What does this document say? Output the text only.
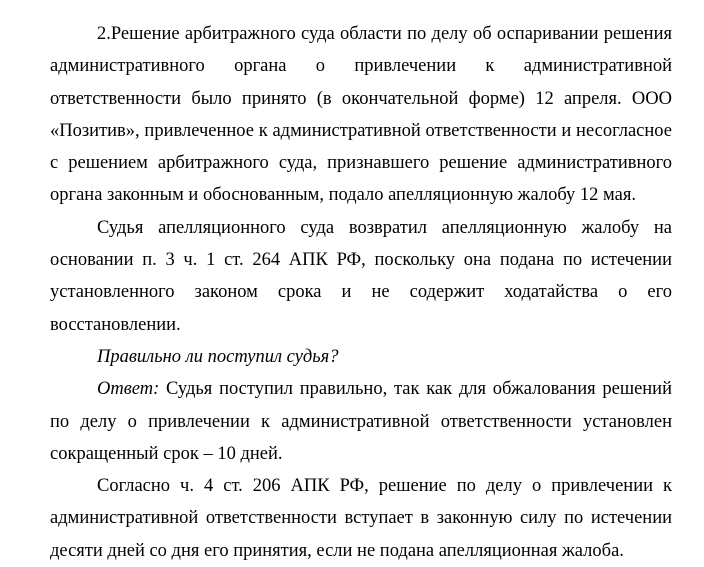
2.Решение арбитражного суда области по делу об оспаривании решения административного органа о привлечении к административной ответственности было принято (в окончательной форме) 12 апреля. ООО «Позитив», привлеченное к административной ответственности и несогласное с решением арбитражного суда, признавшего решение административного органа законным и обоснованным, подало апелляционную жалобу 12 мая.

Судья апелляционного суда возвратил апелляционную жалобу на основании п. 3 ч. 1 ст. 264 АПК РФ, поскольку она подана по истечении установленного законом срока и не содержит ходатайства о его восстановлении.

Правильно ли поступил судья?

Ответ: Судья поступил правильно, так как для обжалования решений по делу о привлечении к административной ответственности установлен сокращенный срок – 10 дней.

Согласно ч. 4 ст. 206 АПК РФ, решение по делу о привлечении к административной ответственности вступает в законную силу по истечении десяти дней со дня его принятия, если не подана апелляционная жалоба.
